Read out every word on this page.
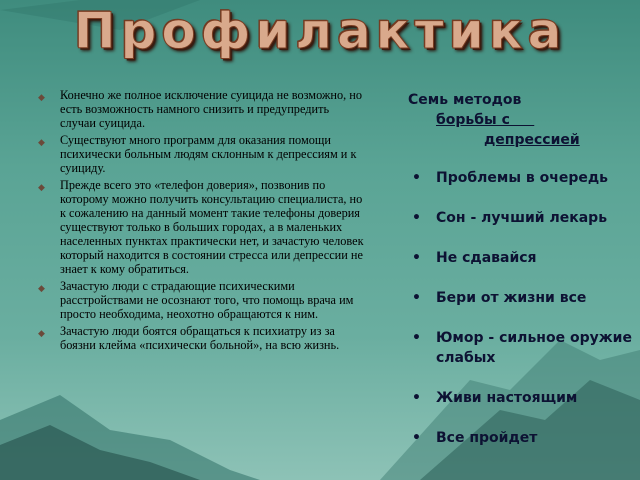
Профилактика
◆ Конечно же полное исключение суицида не возможно, но есть возможность намного снизить и предупредить случаи суицида.
◆ Существуют много программ для оказания помощи психически больным людям склонным к депрессиям и к суициду.
◆ Прежде всего это «телефон доверия», позвонив по которому можно получить консультацию специалиста, но к сожалению на данный момент такие телефоны доверия существуют только в больших городах, а в маленьких населенных пунктах практически нет, и зачастую человек который находится в состоянии стресса или депрессии не знает к кому обратиться.
◆ Зачастую люди с страдающие психическими расстройствами не осознают того, что помощь врача им просто необходима, неохотно обращаются к ним.
◆ Зачастую люди боятся обращаться к психиатру из за боязни клейма «психически больной», на всю жизнь.
Семь методов
борьбы с
депрессией
• Проблемы в очередь
• Сон - лучший лекарь
• Не сдавайся
• Бери от жизни все
• Юмор - сильное оружие слабых
• Живи настоящим
• Все пройдет
